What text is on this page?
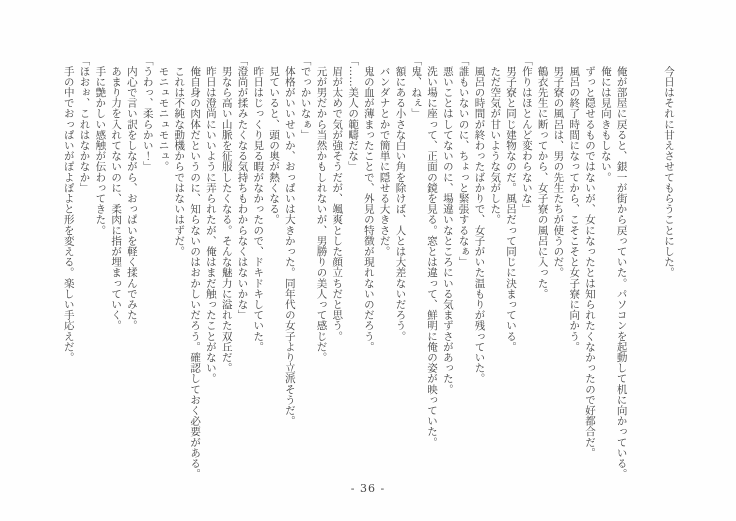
　今日はそれに甘えさせてもらうことにした。

　俺が部屋に戻ると、銀一が街から戻っていた。パソコンを起動して机に向かっている。

　俺には見向きもしない。

　ずっと隠せるものではないが、女になったとは知られたくなかったので好都合だ。

　風呂の終了時間になってから、こそこそと女子寮に向かう。

　男子寮の風呂は、男の先生たちが使うのだ。

　鶴衣先生に断ってから、女子寮の風呂に入った。

「作りはほとんど変わらないな」

　男子寮と同じ建物なのだ。風呂だって同じに決まっている。

　ただ空気が甘いような気がした。

　風呂の時間が終わったばかりで、女子がいた温もりが残っていた。

「誰もいないのに、ちょっと緊張するなぁ」

　悪いことはしてないのに、場違いなところにいる気まずさがあった。

　洗い場に座って、正面の鏡を見る。窓とは違って、鮮明に俺の姿が映っていた。

「鬼、ねぇ」

　額にある小さな白い角を除けば、人とは大差ないだろう。

　バンダナとかで簡単に隠せる大きさだ。

　鬼の血が薄まったことで、外見の特徴が現れないのだろう。

「……美人の範疇だな」

　眉が太めで気が強そうだが、颯爽とした顔立ちだと思う。

　元が男だから当然かもしれないが、男勝りの美人って感じだ。

「でっかいなぁ」

　体格がいいせいか、おっぱいは大きかった。同年代の女子より立派そうだ。

　見ていると、頭の奥が熱くなる。

　昨日はじっくり見る暇がなかったので、ドキドキしていた。

「澄尚が揉みたくなる気持ちもわからなくはないかな」

　男なら高い山脈を征服したくなる。そんな魅力に溢れた双丘だ。

　昨日は澄尚にいいように弄られたが、俺はまだ触ったことがない。

　俺自身の肉体だというのに、知らないのはおかしいだろう。確認しておく必要がある。

　これは不純な動機からではないはずだ。

　モニュモニュモニュ。

「うわっ、柔らかい！」

　内心で言い訳をしながら、おっぱいを軽く揉んでみた。

　あまり力を入れてないのに、柔肉に指が埋まっていく。

　手に艶かしい感触が伝わってきた。

「ほおぉ、これはなかなか」

　手の中でおっぱいがぽよぽよと形を変える。楽しい手応えだ。

- 36 -
